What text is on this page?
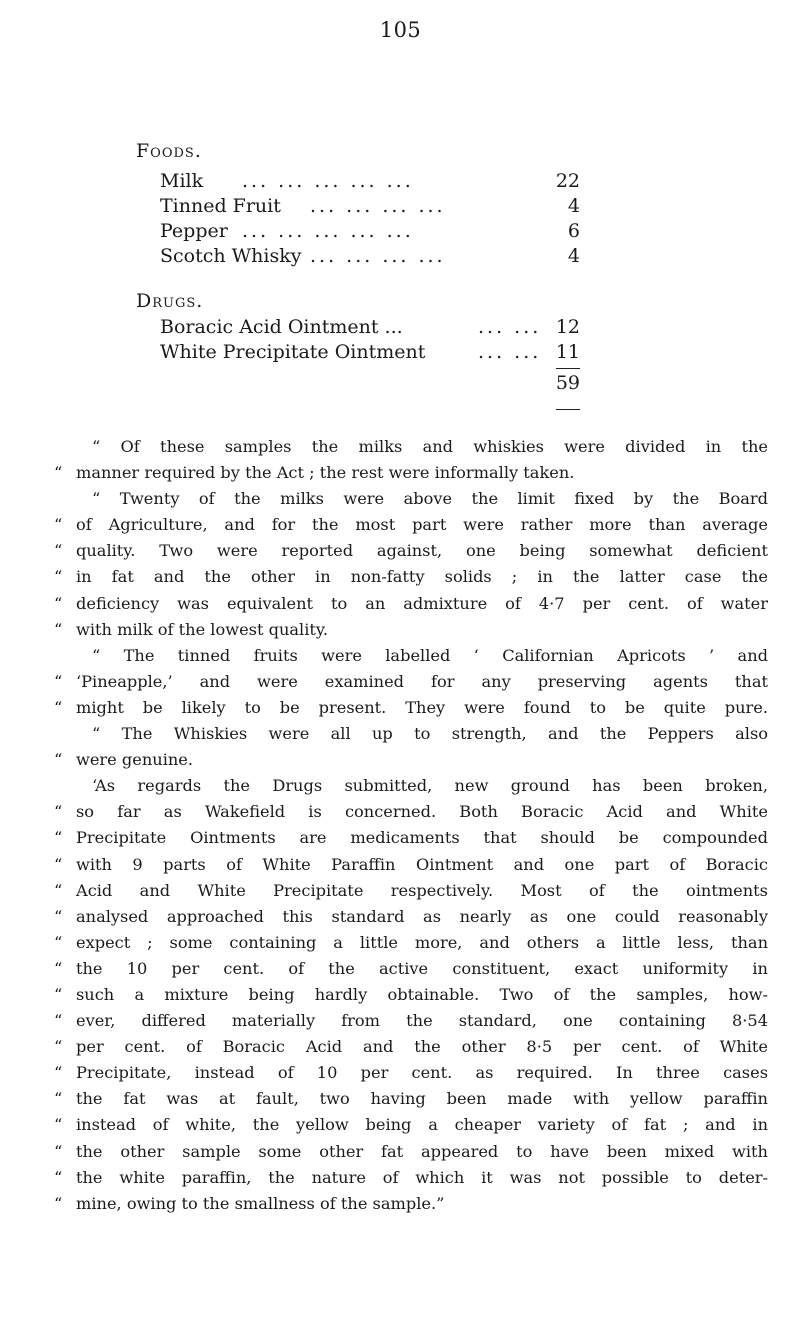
105
Foods.
Milk ... ... ... ... ...	22
Tinned Fruit ... ... ... ...	4
Pepper ... ... ... ... ...	6
Scotch Whisky ... ... ... ...	4
Drugs.
Boracic Acid Ointment ...	... ... 12
White Precipitate Ointment	... ... 11
59
“ Of these samples the milks and whiskies were divided in the
“ manner required by the Act ; the rest were informally taken.
“ Twenty of the milks were above the limit fixed by the Board
“ of Agriculture, and for the most part were rather more than average
“ quality. Two were reported against, one being somewhat deficient
“ in fat and the other in non-fatty solids ; in the latter case the
“ deficiency was equivalent to an admixture of 4·7 per cent. of water
“ with milk of the lowest quality.
“ The tinned fruits were labelled ‘ Californian Apricots ’ and
“ ‘Pineapple,’ and were examined for any preserving agents that
“ might be likely to be present. They were found to be quite pure.
“ The Whiskies were all up to strength, and the Peppers also
“ were genuine.
‘As regards the Drugs submitted, new ground has been broken,
“ so far as Wakefield is concerned. Both Boracic Acid and White
“ Precipitate Ointments are medicaments that should be compounded
“ with 9 parts of White Paraffin Ointment and one part of Boracic
“ Acid and White Precipitate respectively. Most of the ointments
“ analysed approached this standard as nearly as one could reasonably
“ expect ; some containing a little more, and others a little less, than
“ the 10 per cent. of the active constituent, exact uniformity in
“ such a mixture being hardly obtainable. Two of the samples, how-
“ ever, differed materially from the standard, one containing 8·54
“ per cent. of Boracic Acid and the other 8·5 per cent. of White
“ Precipitate, instead of 10 per cent. as required. In three cases
“ the fat was at fault, two having been made with yellow paraffin
“ instead of white, the yellow being a cheaper variety of fat ; and in
“ the other sample some other fat appeared to have been mixed with
“ the white paraffin, the nature of which it was not possible to deter-
“ mine, owing to the smallness of the sample.”
